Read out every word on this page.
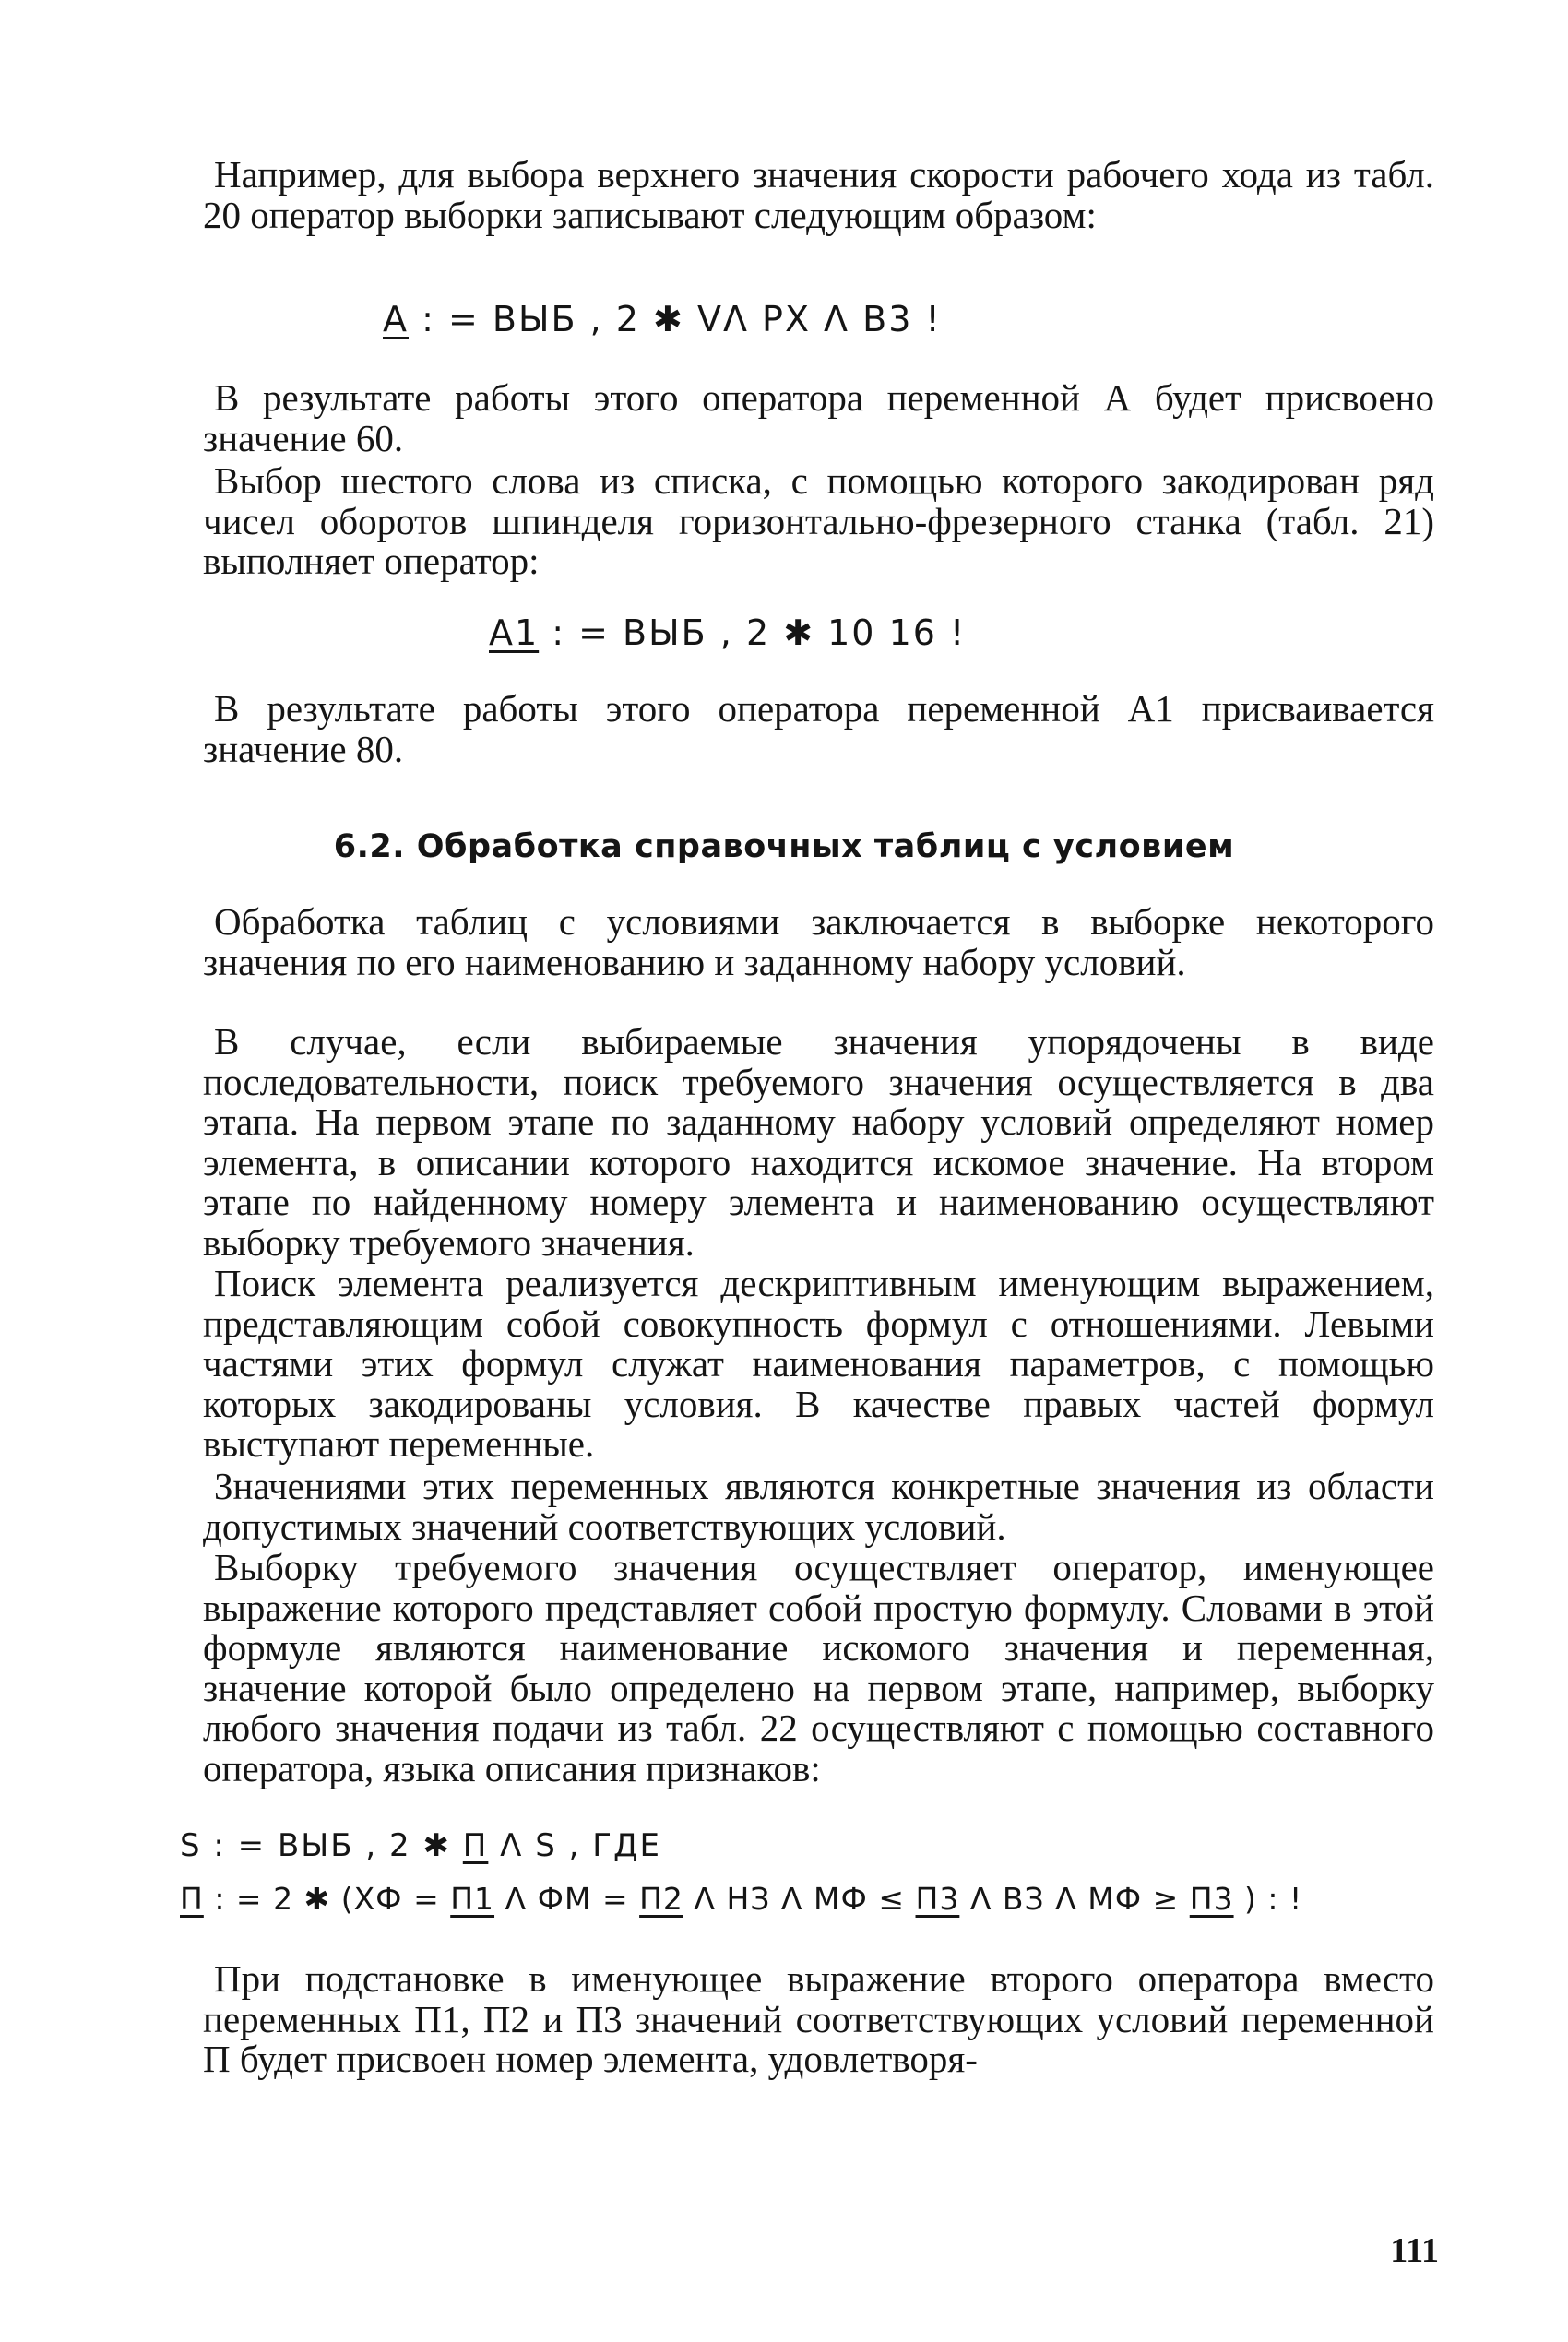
Например, для выбора верхнего значения скорости рабочего хода из табл. 20 оператор выборки записывают следующим образом:

A : = ВЫБ , 2 ✱ VΛ PX Λ B3 !

В результате работы этого оператора переменной А будет присвоено значение 60.

Выбор шестого слова из списка, с помощью которого закодирован ряд чисел оборотов шпинделя горизонтально-фрезерного станка (табл. 21) выполняет оператор:

A1 : = ВЫБ , 2 ✱ 10 16 !

В результате работы этого оператора переменной A1 присваивается значение 80.

6.2. Обработка справочных таблиц с условием

Обработка таблиц с условиями заключается в выборке некоторого значения по его наименованию и заданному набору условий.

В случае, если выбираемые значения упорядочены в виде последовательности, поиск требуемого значения осуществляется в два этапа. На первом этапе по заданному набору условий определяют номер элемента, в описании которого находится искомое значение. На втором этапе по найденному номеру элемента и наименованию осуществляют выборку требуемого значения.

Поиск элемента реализуется дескриптивным именующим выражением, представляющим собой совокупность формул с отношениями. Левыми частями этих формул служат наименования параметров, с помощью которых закодированы условия. В качестве правых частей формул выступают переменные.

Значениями этих переменных являются конкретные значения из области допустимых значений соответствующих условий.

Выборку требуемого значения осуществляет оператор, именующее выражение которого представляет собой простую формулу. Словами в этой формуле являются наименование искомого значения и переменная, значение которой было определено на первом этапе, например, выборку любого значения подачи из табл. 22 осуществляют с помощью составного оператора, языка описания признаков:

S : = ВЫБ , 2 ✱ П Λ S , ГДЕ
П : = 2 ✱ (ХФ = П1 Λ ФМ = П2 Λ НЗ Λ МФ ≤ П3 Λ ВЗ Λ МФ ≥ П3 ) : !

При подстановке в именующее выражение второго оператора вместо переменных П1, П2 и П3 значений соответствующих условий переменной П будет присвоен номер элемента, удовлетворя-

111
